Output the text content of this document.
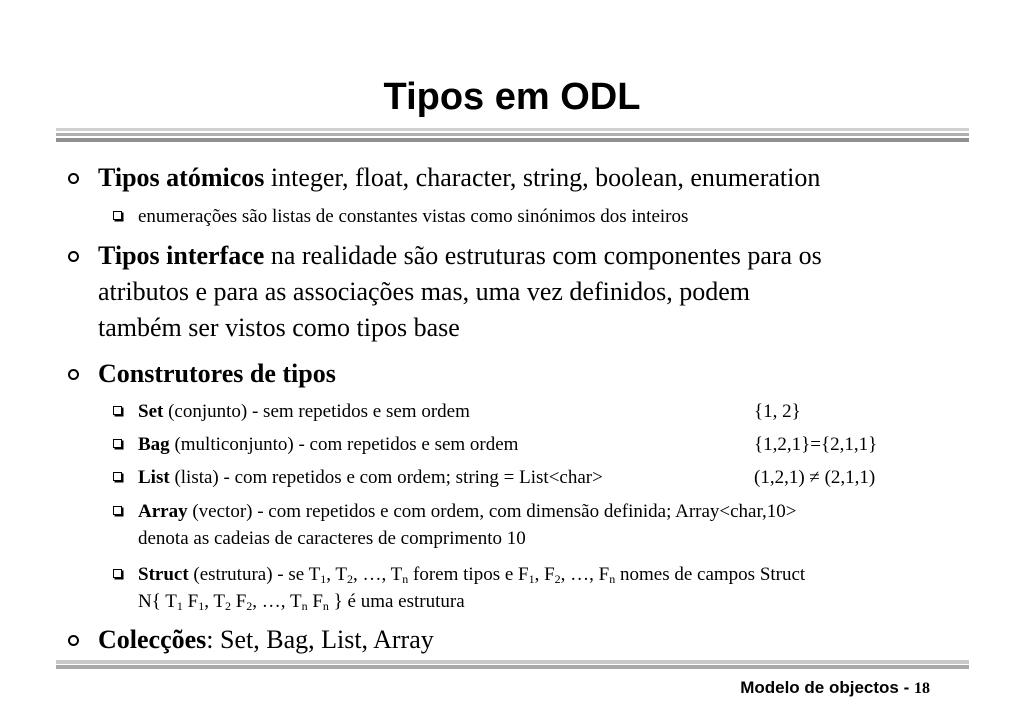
Tipos em ODL
Tipos atómicos integer, float, character, string, boolean, enumeration
enumerações são listas de constantes vistas como sinónimos dos inteiros
Tipos interface na realidade são estruturas com componentes para os
atributos e para as associações mas, uma vez definidos, podem
também ser vistos como tipos base
Construtores de tipos
Set (conjunto) - sem repetidos e sem ordem	{1, 2}
Bag (multiconjunto) - com repetidos e sem ordem	{1,2,1}={2,1,1}
List (lista) - com repetidos e com ordem; string = List<char>	(1,2,1) ≠ (2,1,1)
Array (vector) - com repetidos e com ordem, com dimensão definida; Array<char,10>
denota as cadeias de caracteres de comprimento 10
Struct (estrutura) - se $T_1$, $T_2$, …, $T_n$ forem tipos e $F_1$, $F_2$, …, $F_n$ nomes de campos Struct
N{ $T_1$ $F_1$, $T_2$ $F_2$, …, $T_n$ $F_n$ } é uma estrutura
Colecções: Set, Bag, List, Array
Modelo de objectos - 18
